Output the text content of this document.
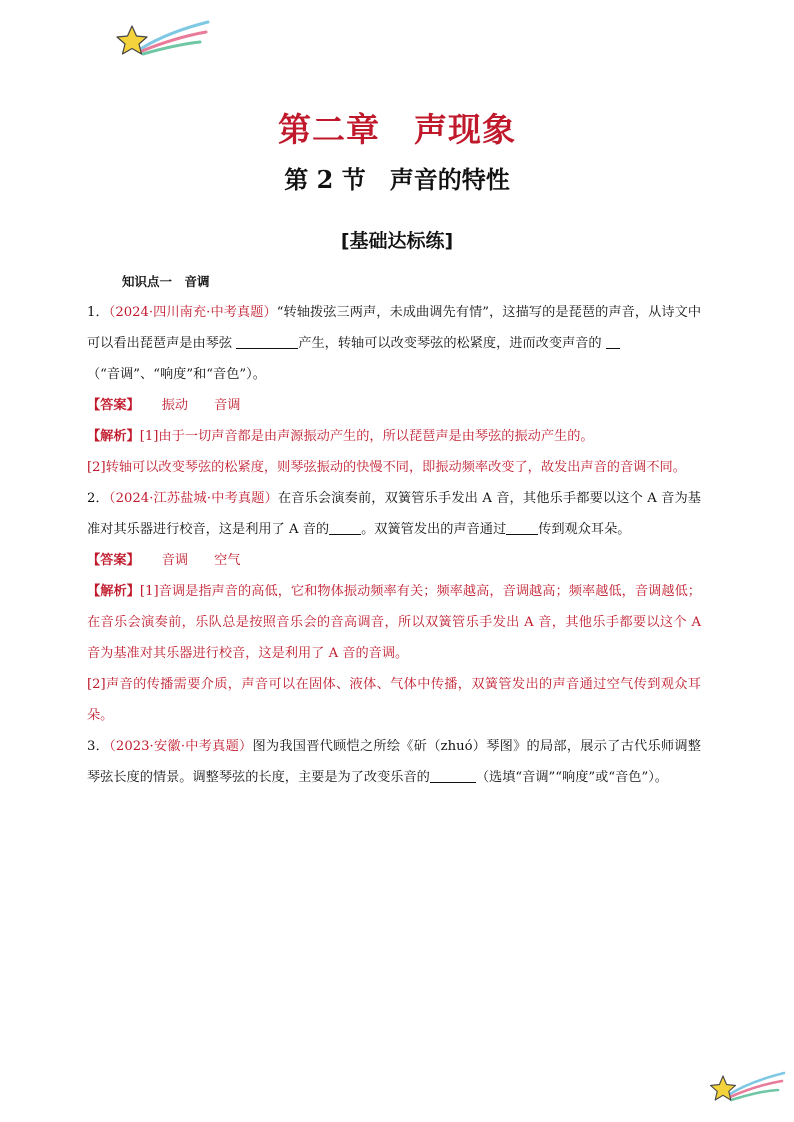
第二章　声现象
第 2 节　声音的特性
[基础达标练]
知识点一　音调
1．（2024·四川南充·中考真题）“转轴拨弦三两声，未成曲调先有情”，这描写的是琵琶的声音，从诗文中可以看出琵琶声是由琴弦	产生，转轴可以改变琴弦的松紧度，进而改变声音的
（“音调”、“响度”和“音色”）。
【答案】 振动 音调
【解析】[1]由于一切声音都是由声源振动产生的，所以琵琶声是由琴弦的振动产生的。
[2]转轴可以改变琴弦的松紧度，则琴弦振动的快慢不同，即振动频率改变了，故发出声音的音调不同。
2．（2024·江苏盐城·中考真题）在音乐会演奏前，双簧管乐手发出 A 音，其他乐手都要以这个 A 音为基准对其乐器进行校音，这是利用了 A 音的 。双簧管发出的声音通过 传到观众耳朵。
【答案】 音调 空气
【解析】[1]音调是指声音的高低，它和物体振动频率有关；频率越高，音调越高；频率越低，音调越低；在音乐会演奏前，乐队总是按照音乐会的音高调音，所以双簧管乐手发出 A 音，其他乐手都要以这个 A 音为基准对其乐器进行校音，这是利用了 A 音的音调。
[2]声音的传播需要介质，声音可以在固体、液体、气体中传播，双簧管发出的声音通过空气传到观众耳朵。
3．（2023·安徽·中考真题）图为我国晋代顾恺之所绘《斫（zhuó）琴图》的局部，展示了古代乐师调整琴弦长度的情景。调整琴弦的长度，主要是为了改变乐音的	（选填“音调”“响度”或“音色”）。
